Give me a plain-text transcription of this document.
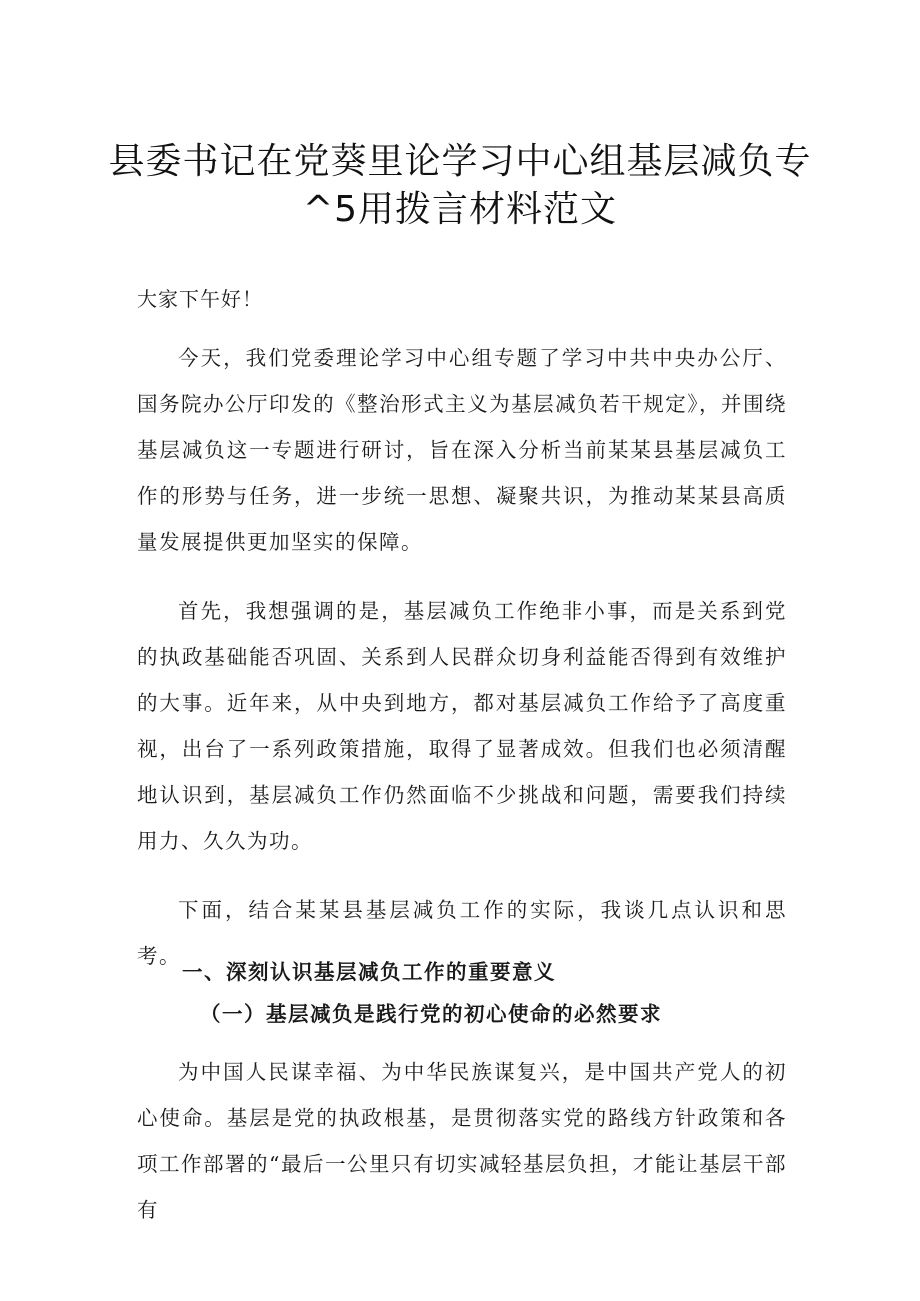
县委书记在党葵里论学习中心组基层减负专
^5用拨言材料范文
大家下午好！

今天，我们党委理论学习中心组专题了学习中共中央办公厅、国务院办公厅印发的《整治形式主义为基层减负若干规定》，并围绕基层减负这一专题进行研讨，旨在深入分析当前某某县基层减负工作的形势与任务，进一步统一思想、凝聚共识，为推动某某县高质量发展提供更加坚实的保障。

首先，我想强调的是，基层减负工作绝非小事，而是关系到党的执政基础能否巩固、关系到人民群众切身利益能否得到有效维护的大事。近年来，从中央到地方，都对基层减负工作给予了高度重视，出台了一系列政策措施，取得了显著成效。但我们也必须清醒地认识到，基层减负工作仍然面临不少挑战和问题，需要我们持续用力、久久为功。

下面，结合某某县基层减负工作的实际，我谈几点认识和思考。

一、深刻认识基层减负工作的重要意义
（一）基层减负是践行党的初心使命的必然要求

为中国人民谋幸福、为中华民族谋复兴，是中国共产党人的初心使命。基层是党的执政根基，是贯彻落实党的路线方针政策和各项工作部署的“最后一公里只有切实减轻基层负担，才能让基层干部有
